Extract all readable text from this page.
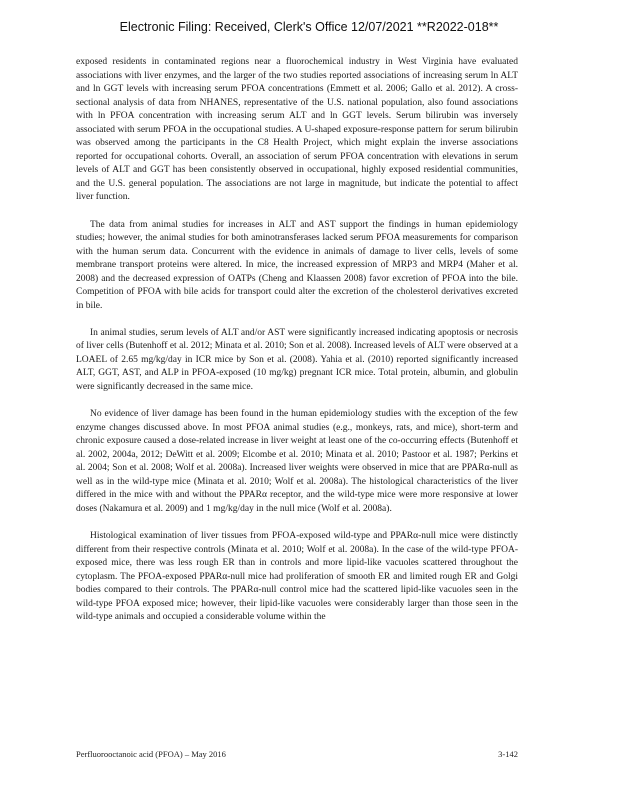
Electronic Filing: Received, Clerk's Office 12/07/2021 **R2022-018**

exposed residents in contaminated regions near a fluorochemical industry in West Virginia have evaluated associations with liver enzymes, and the larger of the two studies reported associations of increasing serum ln ALT and ln GGT levels with increasing serum PFOA concentrations (Emmett et al. 2006; Gallo et al. 2012). A cross-sectional analysis of data from NHANES, representative of the U.S. national population, also found associations with ln PFOA concentration with increasing serum ALT and ln GGT levels. Serum bilirubin was inversely associated with serum PFOA in the occupational studies. A U-shaped exposure-response pattern for serum bilirubin was observed among the participants in the C8 Health Project, which might explain the inverse associations reported for occupational cohorts. Overall, an association of serum PFOA concentration with elevations in serum levels of ALT and GGT has been consistently observed in occupational, highly exposed residential communities, and the U.S. general population. The associations are not large in magnitude, but indicate the potential to affect liver function.

The data from animal studies for increases in ALT and AST support the findings in human epidemiology studies; however, the animal studies for both aminotransferases lacked serum PFOA measurements for comparison with the human serum data. Concurrent with the evidence in animals of damage to liver cells, levels of some membrane transport proteins were altered. In mice, the increased expression of MRP3 and MRP4 (Maher et al. 2008) and the decreased expression of OATPs (Cheng and Klaassen 2008) favor excretion of PFOA into the bile. Competition of PFOA with bile acids for transport could alter the excretion of the cholesterol derivatives excreted in bile.

In animal studies, serum levels of ALT and/or AST were significantly increased indicating apoptosis or necrosis of liver cells (Butenhoff et al. 2012; Minata et al. 2010; Son et al. 2008). Increased levels of ALT were observed at a LOAEL of 2.65 mg/kg/day in ICR mice by Son et al. (2008). Yahia et al. (2010) reported significantly increased ALT, GGT, AST, and ALP in PFOA-exposed (10 mg/kg) pregnant ICR mice. Total protein, albumin, and globulin were significantly decreased in the same mice.

No evidence of liver damage has been found in the human epidemiology studies with the exception of the few enzyme changes discussed above. In most PFOA animal studies (e.g., monkeys, rats, and mice), short-term and chronic exposure caused a dose-related increase in liver weight at least one of the co-occurring effects (Butenhoff et al. 2002, 2004a, 2012; DeWitt et al. 2009; Elcombe et al. 2010; Minata et al. 2010; Pastoor et al. 1987; Perkins et al. 2004; Son et al. 2008; Wolf et al. 2008a). Increased liver weights were observed in mice that are PPARα-null as well as in the wild-type mice (Minata et al. 2010; Wolf et al. 2008a). The histological characteristics of the liver differed in the mice with and without the PPARα receptor, and the wild-type mice were more responsive at lower doses (Nakamura et al. 2009) and 1 mg/kg/day in the null mice (Wolf et al. 2008a).

Histological examination of liver tissues from PFOA-exposed wild-type and PPARα-null mice were distinctly different from their respective controls (Minata et al. 2010; Wolf et al. 2008a). In the case of the wild-type PFOA-exposed mice, there was less rough ER than in controls and more lipid-like vacuoles scattered throughout the cytoplasm. The PFOA-exposed PPARα-null mice had proliferation of smooth ER and limited rough ER and Golgi bodies compared to their controls. The PPARα-null control mice had the scattered lipid-like vacuoles seen in the wild-type PFOA exposed mice; however, their lipid-like vacuoles were considerably larger than those seen in the wild-type animals and occupied a considerable volume within the

Perfluorooctanoic acid (PFOA) – May 2016	3-142
